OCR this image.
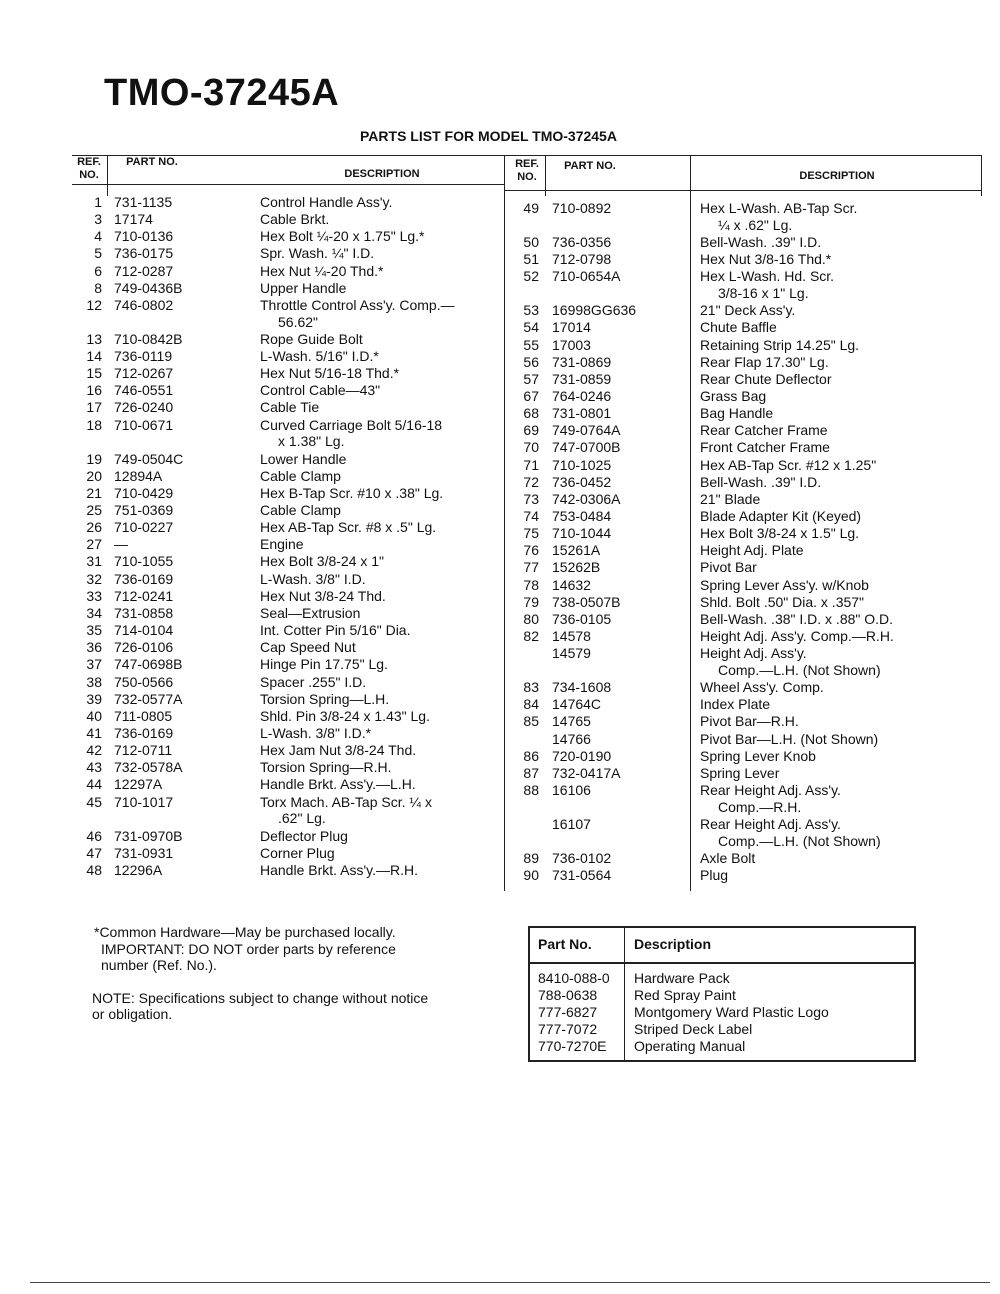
TMO-37245A
PARTS LIST FOR MODEL TMO-37245A
REF. NO.
PART NO.
DESCRIPTION
REF. NO.
PART NO.
DESCRIPTION
1 731-1135	Control Handle Ass'y.
3 17174	Cable Brkt.
4 710-0136	Hex Bolt ¼-20 x 1.75" Lg.*
5 736-0175	Spr. Wash. ¼" I.D.
6 712-0287	Hex Nut ¼-20 Thd.*
8 749-0436B	Upper Handle
12 746-0802	Throttle Control Ass'y. Comp.—
56.62"
13 710-0842B	Rope Guide Bolt
14 736-0119	L-Wash. 5/16" I.D.*
15 712-0267	Hex Nut 5/16-18 Thd.*
16 746-0551	Control Cable—43"
17 726-0240	Cable Tie
18 710-0671	Curved Carriage Bolt 5/16-18
x 1.38" Lg.
19 749-0504C	Lower Handle
20 12894A	Cable Clamp
21 710-0429	Hex B-Tap Scr. #10 x .38" Lg.
25 751-0369	Cable Clamp
26 710-0227	Hex AB-Tap Scr. #8 x .5" Lg.
27 —	Engine
31 710-1055	Hex Bolt 3/8-24 x 1"
32 736-0169	L-Wash. 3/8" I.D.
33 712-0241	Hex Nut 3/8-24 Thd.
34 731-0858	Seal—Extrusion
35 714-0104	Int. Cotter Pin 5/16" Dia.
36 726-0106	Cap Speed Nut
37 747-0698B	Hinge Pin 17.75" Lg.
38 750-0566	Spacer .255" I.D.
39 732-0577A	Torsion Spring—L.H.
40 711-0805	Shld. Pin 3/8-24 x 1.43" Lg.
41 736-0169	L-Wash. 3/8" I.D.*
42 712-0711	Hex Jam Nut 3/8-24 Thd.
43 732-0578A	Torsion Spring—R.H.
44 12297A	Handle Brkt. Ass'y.—L.H.
45 710-1017	Torx Mach. AB-Tap Scr. ¼ x
.62" Lg.
46 731-0970B	Deflector Plug
47 731-0931	Corner Plug
48 12296A	Handle Brkt. Ass'y.—R.H.
49 710-0892	Hex L-Wash. AB-Tap Scr.
¼ x .62" Lg.
50 736-0356	Bell-Wash. .39" I.D.
51 712-0798	Hex Nut 3/8-16 Thd.*
52 710-0654A	Hex L-Wash. Hd. Scr.
3/8-16 x 1" Lg.
53 16998GG636	21" Deck Ass'y.
54 17014	Chute Baffle
55 17003	Retaining Strip 14.25" Lg.
56 731-0869	Rear Flap 17.30" Lg.
57 731-0859	Rear Chute Deflector
67 764-0246	Grass Bag
68 731-0801	Bag Handle
69 749-0764A	Rear Catcher Frame
70 747-0700B	Front Catcher Frame
71 710-1025	Hex AB-Tap Scr. #12 x 1.25"
72 736-0452	Bell-Wash. .39" I.D.
73 742-0306A	21" Blade
74 753-0484	Blade Adapter Kit (Keyed)
75 710-1044	Hex Bolt 3/8-24 x 1.5" Lg.
76 15261A	Height Adj. Plate
77 15262B	Pivot Bar
78 14632	Spring Lever Ass'y. w/Knob
79 738-0507B	Shld. Bolt .50" Dia. x .357"
80 736-0105	Bell-Wash. .38" I.D. x .88" O.D.
82 14578	Height Adj. Ass'y. Comp.—R.H.
14579	Height Adj. Ass'y.
Comp.—L.H. (Not Shown)
83 734-1608	Wheel Ass'y. Comp.
84 14764C	Index Plate
85 14765	Pivot Bar—R.H.
14766	Pivot Bar—L.H. (Not Shown)
86 720-0190	Spring Lever Knob
87 732-0417A	Spring Lever
88 16106	Rear Height Adj. Ass'y.
Comp.—R.H.
16107	Rear Height Adj. Ass'y.
Comp.—L.H. (Not Shown)
89 736-0102	Axle Bolt
90 731-0564	Plug
*Common Hardware—May be purchased locally.
IMPORTANT: DO NOT order parts by reference
number (Ref. No.).
NOTE: Specifications subject to change without notice
or obligation.
Part No.	Description
8410-088-0 Hardware Pack
788-0638	Red Spray Paint
777-6827	Montgomery Ward Plastic Logo
777-7072	Striped Deck Label
770-7270E Operating Manual
